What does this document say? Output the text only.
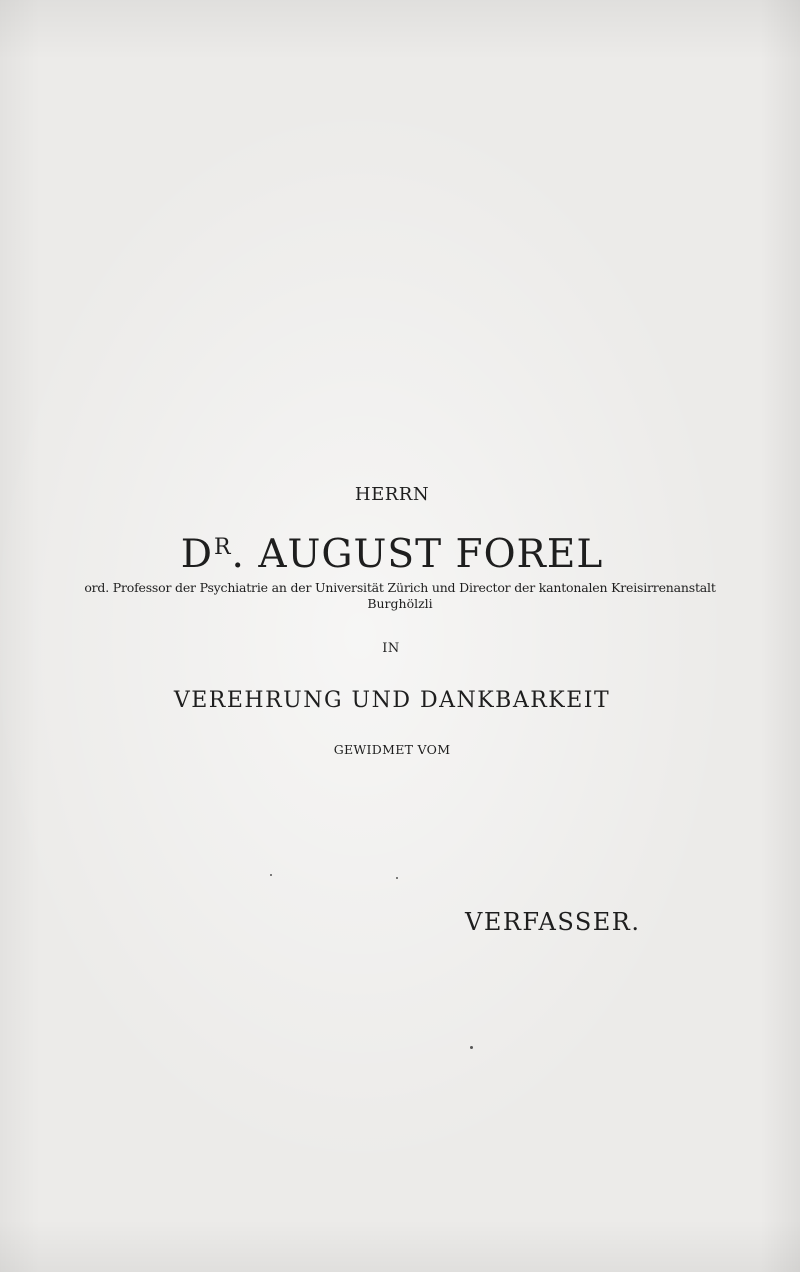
HERRN
$D^R$. AUGUST FOREL
ord. Professor der Psychiatrie an der Universität Zürich und Director der kantonalen Kreisirrenanstalt
Burghölzli
IN
VEREHRUNG UND DANKBARKEIT
GEWIDMET VOM
VERFASSER.
